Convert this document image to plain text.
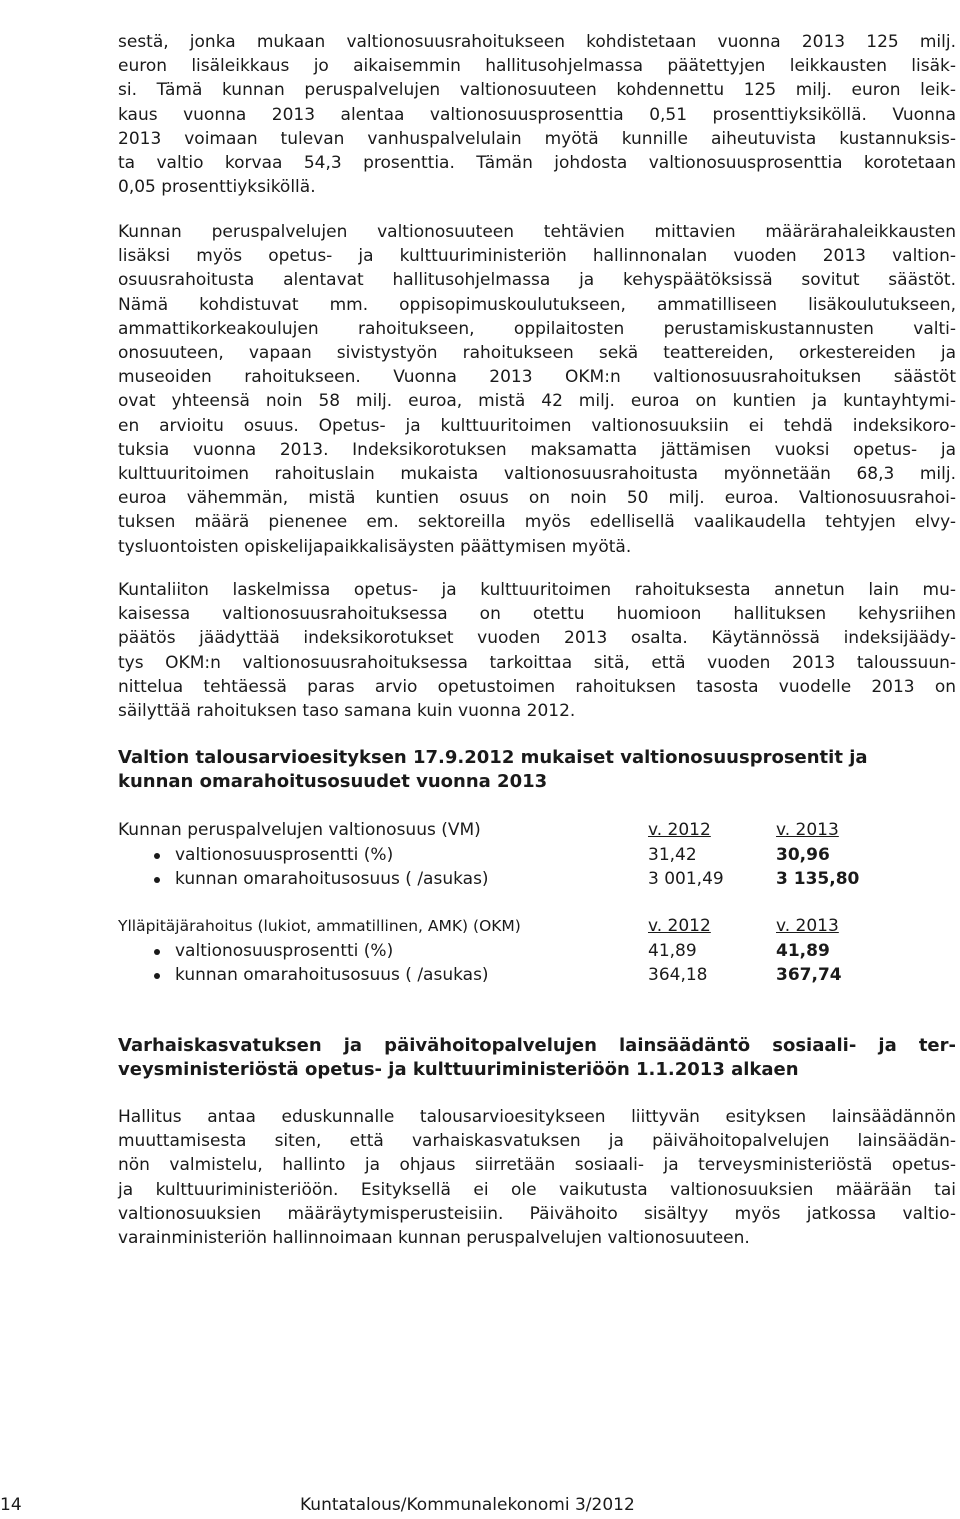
sestä, jonka mukaan valtionosuusrahoitukseen kohdistetaan vuonna 2013 125 milj.
euron lisäleikkaus jo aikaisemmin hallitusohjelmassa päätettyjen leikkausten lisäk-
si. Tämä kunnan peruspalvelujen valtionosuuteen kohdennettu 125 milj. euron leik-
kaus vuonna 2013 alentaa valtionosuusprosenttia 0,51 prosenttiyksiköllä. Vuonna
2013 voimaan tulevan vanhuspalvelulain myötä kunnille aiheutuvista kustannuksis-
ta valtio korvaa 54,3 prosenttia. Tämän johdosta valtionosuusprosenttia korotetaan
0,05 prosenttiyksiköllä.
Kunnan peruspalvelujen valtionosuuteen tehtävien mittavien määrärahaleikkausten
lisäksi myös opetus- ja kulttuuriministeriön hallinnonalan vuoden 2013 valtion-
osuusrahoitusta alentavat hallitusohjelmassa ja kehyspäätöksissä sovitut säästöt.
Nämä kohdistuvat mm. oppisopimuskoulutukseen, ammatilliseen lisäkoulutukseen,
ammattikorkeakoulujen rahoitukseen, oppilaitosten perustamiskustannusten valti-
onosuuteen, vapaan sivistystyön rahoitukseen sekä teattereiden, orkestereiden ja
museoiden rahoitukseen. Vuonna 2013 OKM:n valtionosuusrahoituksen säästöt
ovat yhteensä noin 58 milj. euroa, mistä 42 milj. euroa on kuntien ja kuntayhtymi-
en arvioitu osuus. Opetus- ja kulttuuritoimen valtionosuuksiin ei tehdä indeksikoro-
tuksia vuonna 2013. Indeksikorotuksen maksamatta jättämisen vuoksi opetus- ja
kulttuuritoimen rahoituslain mukaista valtionosuusrahoitusta myönnetään 68,3 milj.
euroa vähemmän, mistä kuntien osuus on noin 50 milj. euroa. Valtionosuusrahoi-
tuksen määrä pienenee em. sektoreilla myös edellisellä vaalikaudella tehtyjen elvy-
tysluontoisten opiskelijapaikkalisäysten päättymisen myötä.
Kuntaliiton laskelmissa opetus- ja kulttuuritoimen rahoituksesta annetun lain mu-
kaisessa valtionosuusrahoituksessa on otettu huomioon hallituksen kehysriihen
päätös jäädyttää indeksikorotukset vuoden 2013 osalta. Käytännössä indeksijäädy-
tys OKM:n valtionosuusrahoituksessa tarkoittaa sitä, että vuoden 2013 taloussuun-
nittelua tehtäessä paras arvio opetustoimen rahoituksen tasosta vuodelle 2013 on
säilyttää rahoituksen taso samana kuin vuonna 2012.
Valtion talousarvioesityksen 17.9.2012 mukaiset valtionosuusprosentit ja
kunnan omarahoitusosuudet vuonna 2013
Kunnan peruspalvelujen valtionosuus (VM)	v. 2012	v. 2013
valtionosuusprosentti (%)	31,42	30,96
kunnan omarahoitusosuus ( /asukas)	3 001,49	3 135,80
Ylläpitäjärahoitus (lukiot, ammatillinen, AMK) (OKM)	v. 2012	v. 2013
valtionosuusprosentti (%)	41,89	41,89
kunnan omarahoitusosuus ( /asukas)	364,18	367,74
Varhaiskasvatuksen ja päivähoitopalvelujen lainsäädäntö sosiaali- ja ter-
veysministeriöstä opetus- ja kulttuuriministeriöön 1.1.2013 alkaen
Hallitus antaa eduskunnalle talousarvioesitykseen liittyvän esityksen lainsäädännön
muuttamisesta siten, että varhaiskasvatuksen ja päivähoitopalvelujen lainsäädän-
nön valmistelu, hallinto ja ohjaus siirretään sosiaali- ja terveysministeriöstä opetus-
ja kulttuuriministeriöön. Esityksellä ei ole vaikutusta valtionosuuksien määrään tai
valtionosuuksien määräytymisperusteisiin. Päivähoito sisältyy myös jatkossa valtio-
varainministeriön hallinnoimaan kunnan peruspalvelujen valtionosuuteen.
14	Kuntatalous/Kommunalekonomi 3/2012
